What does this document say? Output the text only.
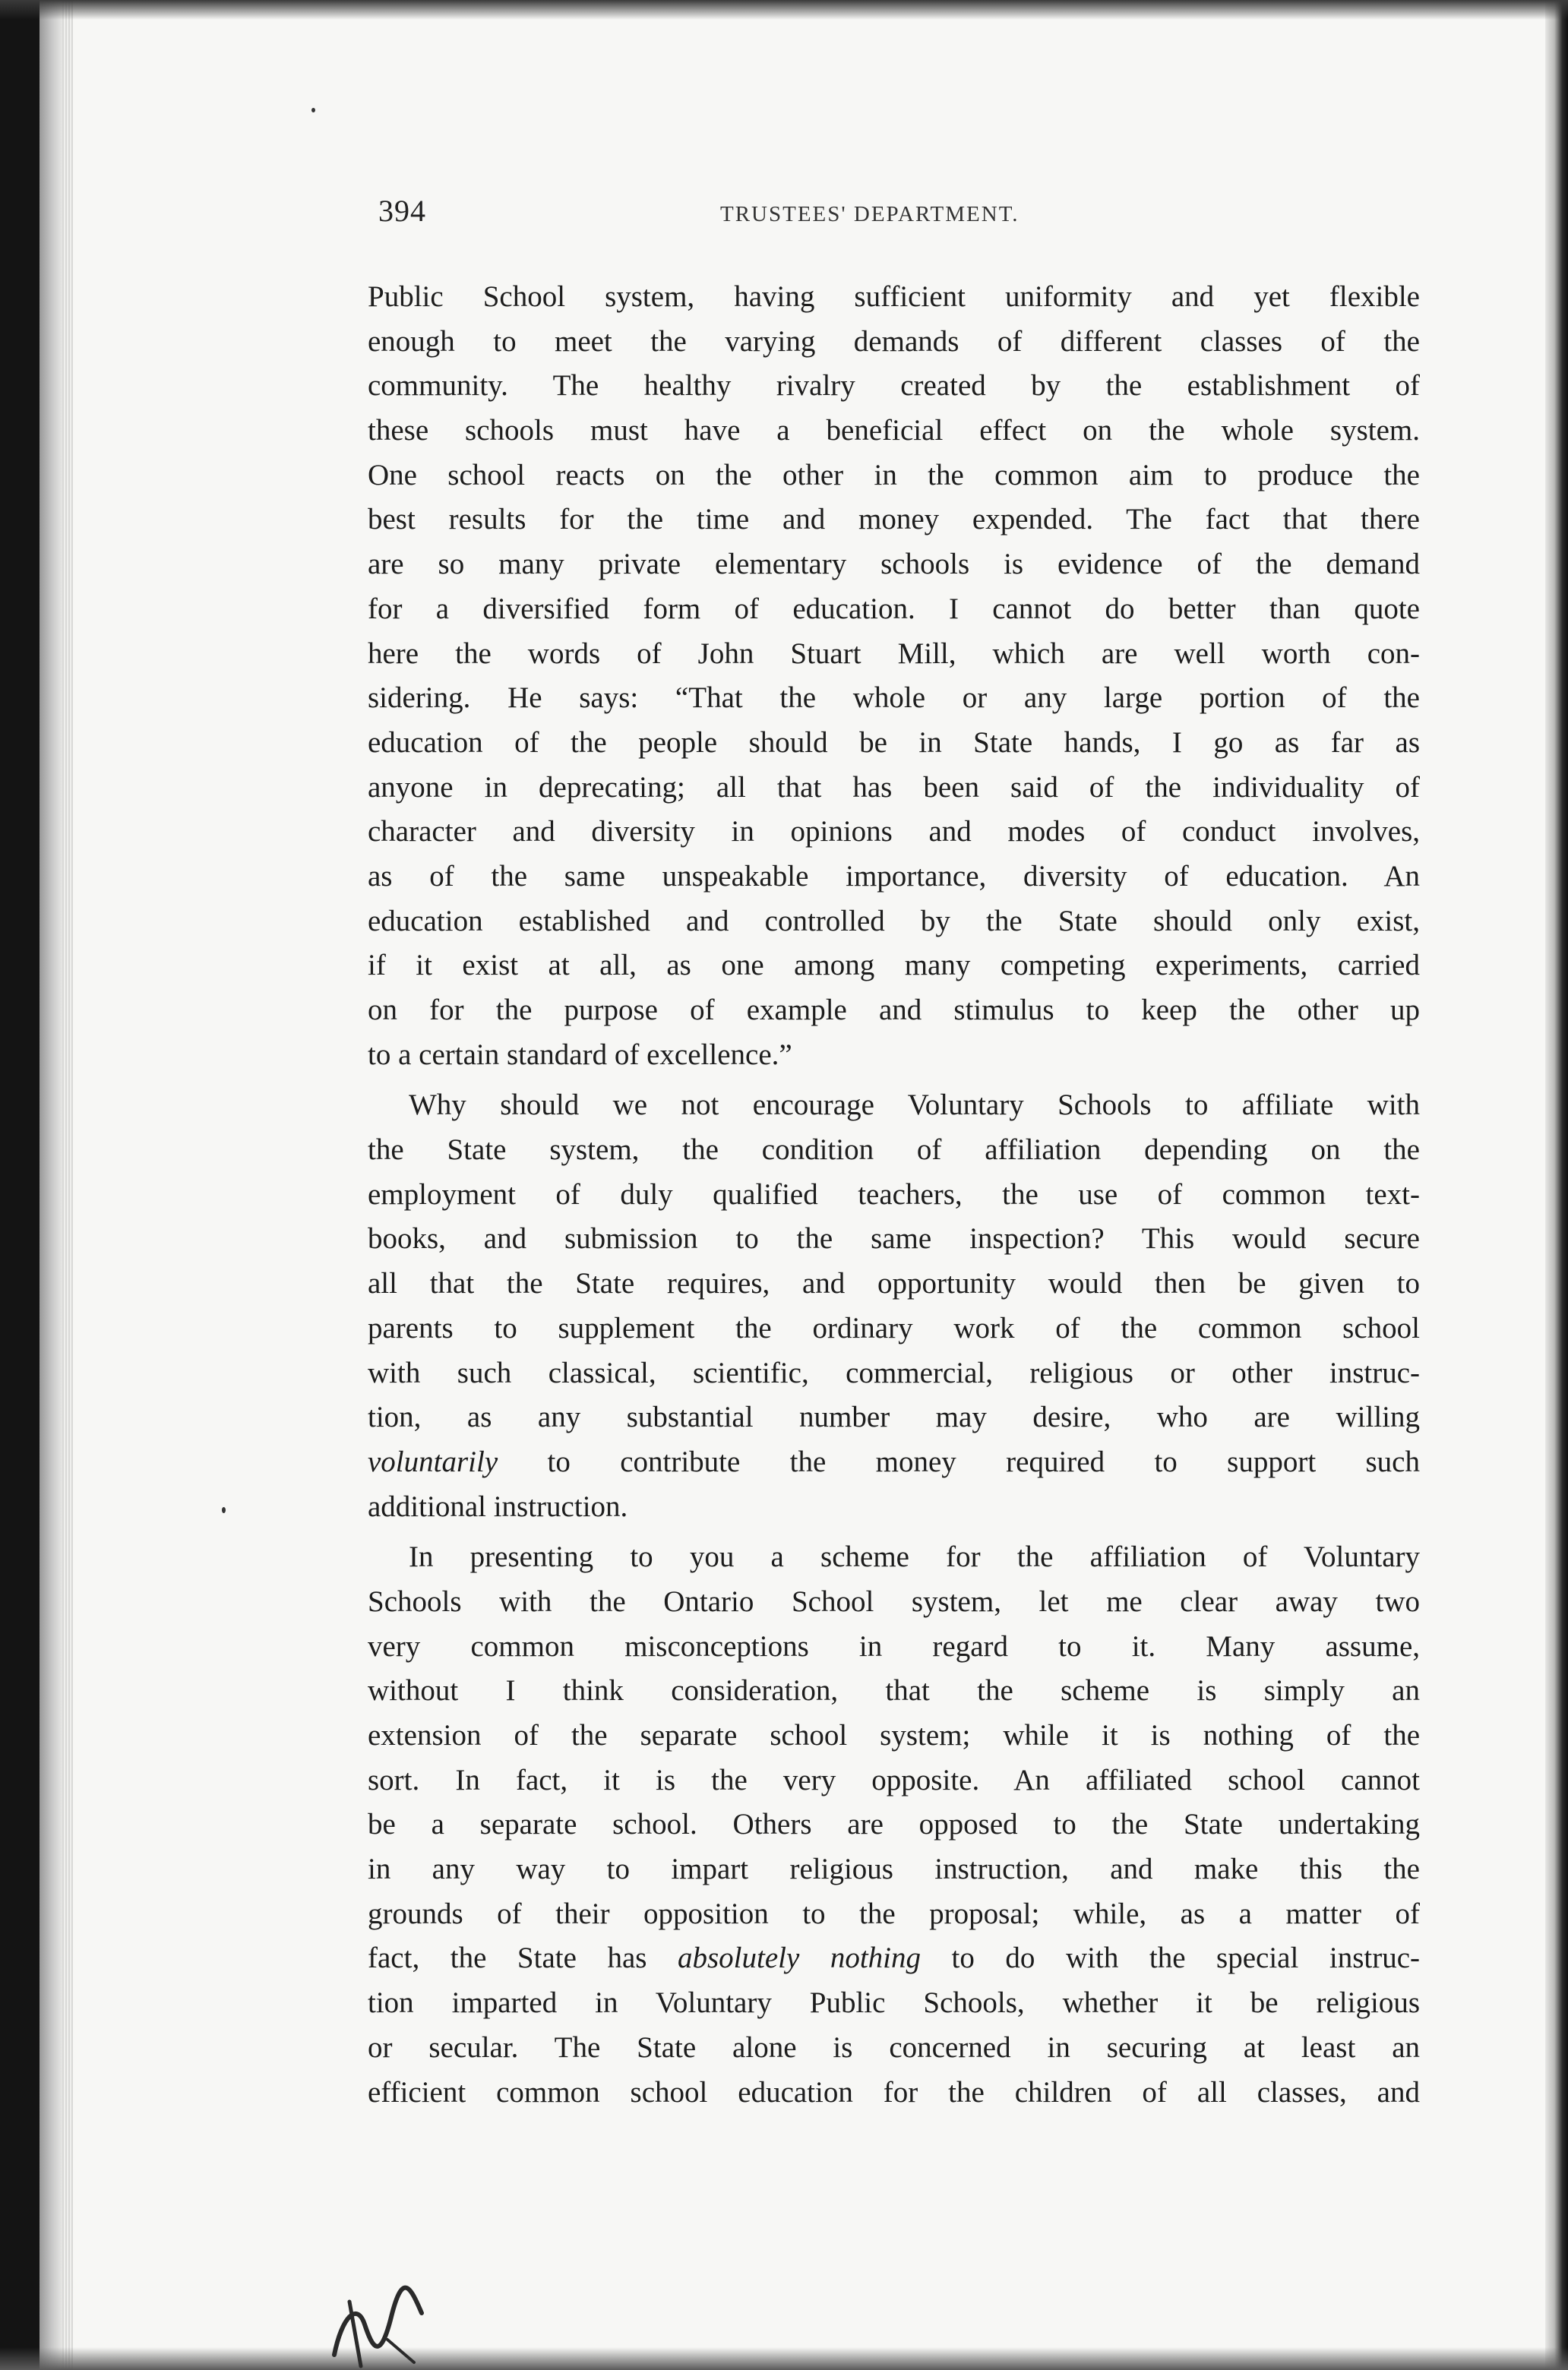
394	TRUSTEES' DEPARTMENT.
Public School system, having sufficient uniformity and yet flexible
enough to meet the varying demands of different classes of the
community. The healthy rivalry created by the establishment of
these schools must have a beneficial effect on the whole system.
One school reacts on the other in the common aim to produce the
best results for the time and money expended. The fact that there
are so many private elementary schools is evidence of the demand
for a diversified form of education. I cannot do better than quote
here the words of John Stuart Mill, which are well worth con-
sidering. He says: “That the whole or any large portion of the
education of the people should be in State hands, I go as far as
anyone in deprecating; all that has been said of the individuality of
character and diversity in opinions and modes of conduct involves,
as of the same unspeakable importance, diversity of education. An
education established and controlled by the State should only exist,
if it exist at all, as one among many competing experiments, carried
on for the purpose of example and stimulus to keep the other up
to a certain standard of excellence.”
Why should we not encourage Voluntary Schools to affiliate with
the State system, the condition of affiliation depending on the
employment of duly qualified teachers, the use of common text-
books, and submission to the same inspection? This would secure
all that the State requires, and opportunity would then be given to
parents to supplement the ordinary work of the common school
with such classical, scientific, commercial, religious or other instruc-
tion, as any substantial number may desire, who are willing
voluntarily to contribute the money required to support such
additional instruction.
In presenting to you a scheme for the affiliation of Voluntary
Schools with the Ontario School system, let me clear away two
very common misconceptions in regard to it. Many assume,
without I think consideration, that the scheme is simply an
extension of the separate school system; while it is nothing of the
sort. In fact, it is the very opposite. An affiliated school cannot
be a separate school. Others are opposed to the State undertaking
in any way to impart religious instruction, and make this the
grounds of their opposition to the proposal; while, as a matter of
fact, the State has absolutely nothing to do with the special instruc-
tion imparted in Voluntary Public Schools, whether it be religious
or secular. The State alone is concerned in securing at least an
efficient common school education for the children of all classes, and
